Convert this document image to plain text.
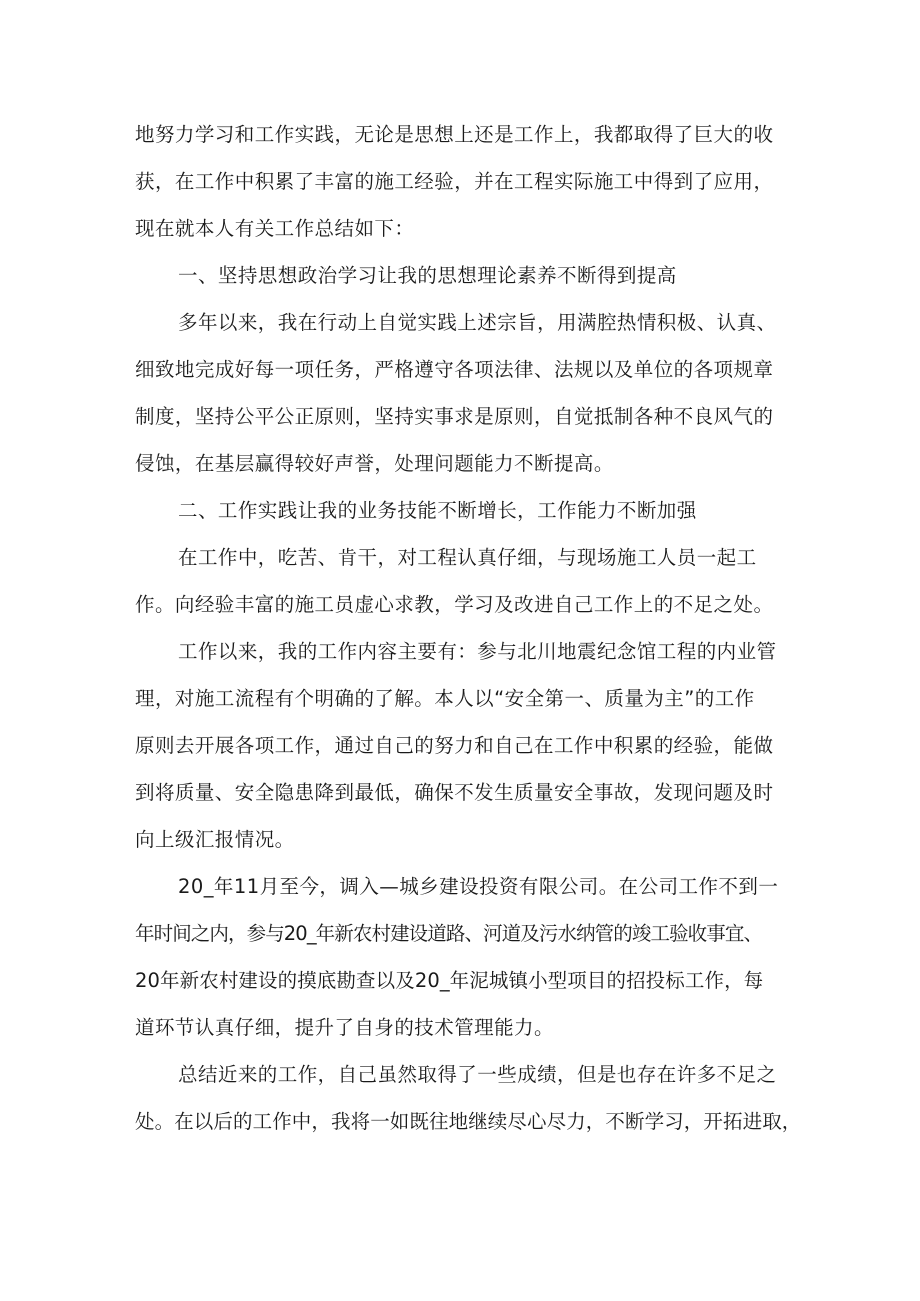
地努力学习和工作实践，无论是思想上还是工作上，我都取得了巨大的收
获，在工作中积累了丰富的施工经验，并在工程实际施工中得到了应用，
现在就本人有关工作总结如下：
一、坚持思想政治学习让我的思想理论素养不断得到提高
多年以来，我在行动上自觉实践上述宗旨，用满腔热情积极、认真、
细致地完成好每一项任务，严格遵守各项法律、法规以及单位的各项规章
制度，坚持公平公正原则，坚持实事求是原则，自觉抵制各种不良风气的
侵蚀，在基层赢得较好声誉，处理问题能力不断提高。
二、工作实践让我的业务技能不断增长，工作能力不断加强
在工作中，吃苦、肯干，对工程认真仔细，与现场施工人员一起工
作。向经验丰富的施工员虚心求教，学习及改进自己工作上的不足之处。
工作以来，我的工作内容主要有：参与北川地震纪念馆工程的内业管
理，对施工流程有个明确的了解。本人以“安全第一、质量为主”的工作
原则去开展各项工作，通过自己的努力和自己在工作中积累的经验，能做
到将质量、安全隐患降到最低，确保不发生质量安全事故，发现问题及时
向上级汇报情况。
20_年11月至今，调入—城乡建设投资有限公司。在公司工作不到一
年时间之内，参与20_年新农村建设道路、河道及污水纳管的竣工验收事宜、
20年新农村建设的摸底勘查以及20_年泥城镇小型项目的招投标工作，每
道环节认真仔细，提升了自身的技术管理能力。
总结近来的工作，自己虽然取得了一些成绩，但是也存在许多不足之
处。在以后的工作中，我将一如既往地继续尽心尽力，不断学习，开拓进取，
